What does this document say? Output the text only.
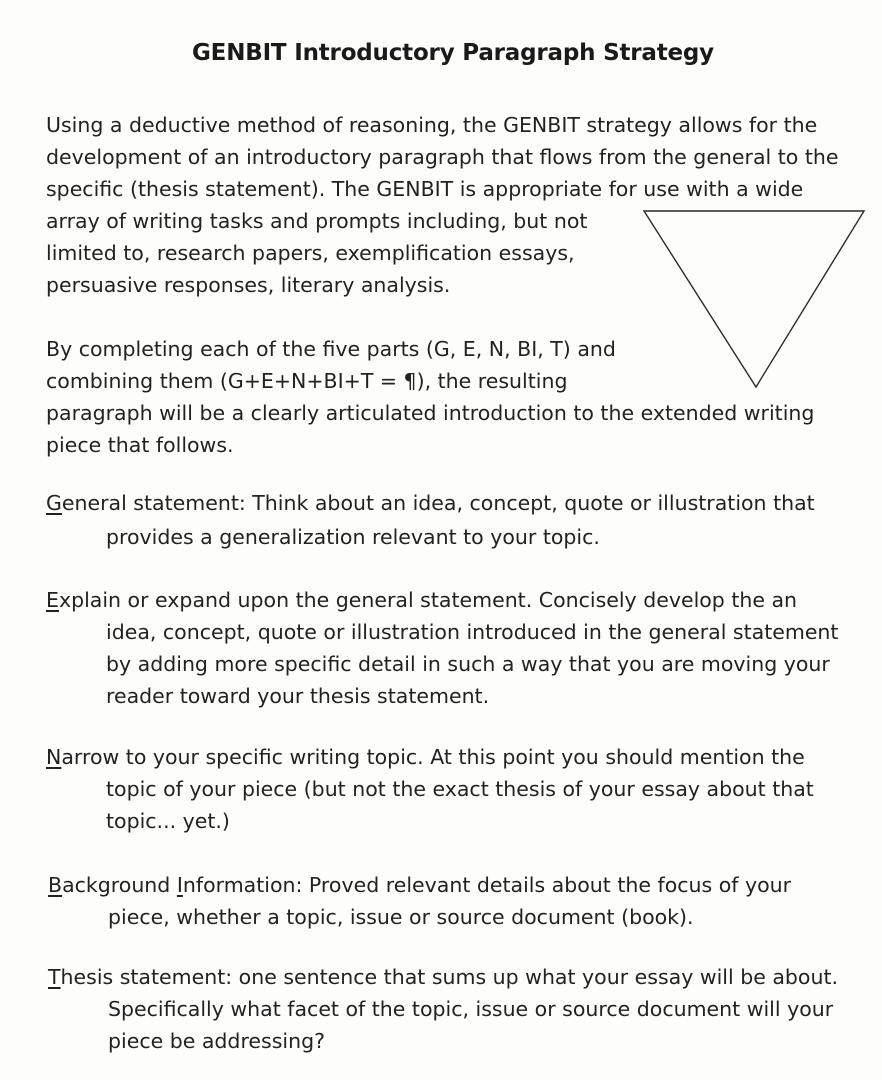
GENBIT Introductory Paragraph Strategy
Using a deductive method of reasoning, the GENBIT strategy allows for the
development of an introductory paragraph that flows from the general to the
specific (thesis statement). The GENBIT is appropriate for use with a wide
array of writing tasks and prompts including, but not
limited to, research papers, exemplification essays,
persuasive responses, literary analysis.
By completing each of the five parts (G, E, N, BI, T) and
combining them (G+E+N+BI+T = ¶), the resulting
paragraph will be a clearly articulated introduction to the extended writing
piece that follows.
General statement: Think about an idea, concept, quote or illustration that
provides a generalization relevant to your topic.
Explain or expand upon the general statement. Concisely develop the an
idea, concept, quote or illustration introduced in the general statement
by adding more specific detail in such a way that you are moving your
reader toward your thesis statement.
Narrow to your specific writing topic. At this point you should mention the
topic of your piece (but not the exact thesis of your essay about that
topic... yet.)
Background Information: Proved relevant details about the focus of your
piece, whether a topic, issue or source document (book).
Thesis statement: one sentence that sums up what your essay will be about.
Specifically what facet of the topic, issue or source document will your
piece be addressing?
